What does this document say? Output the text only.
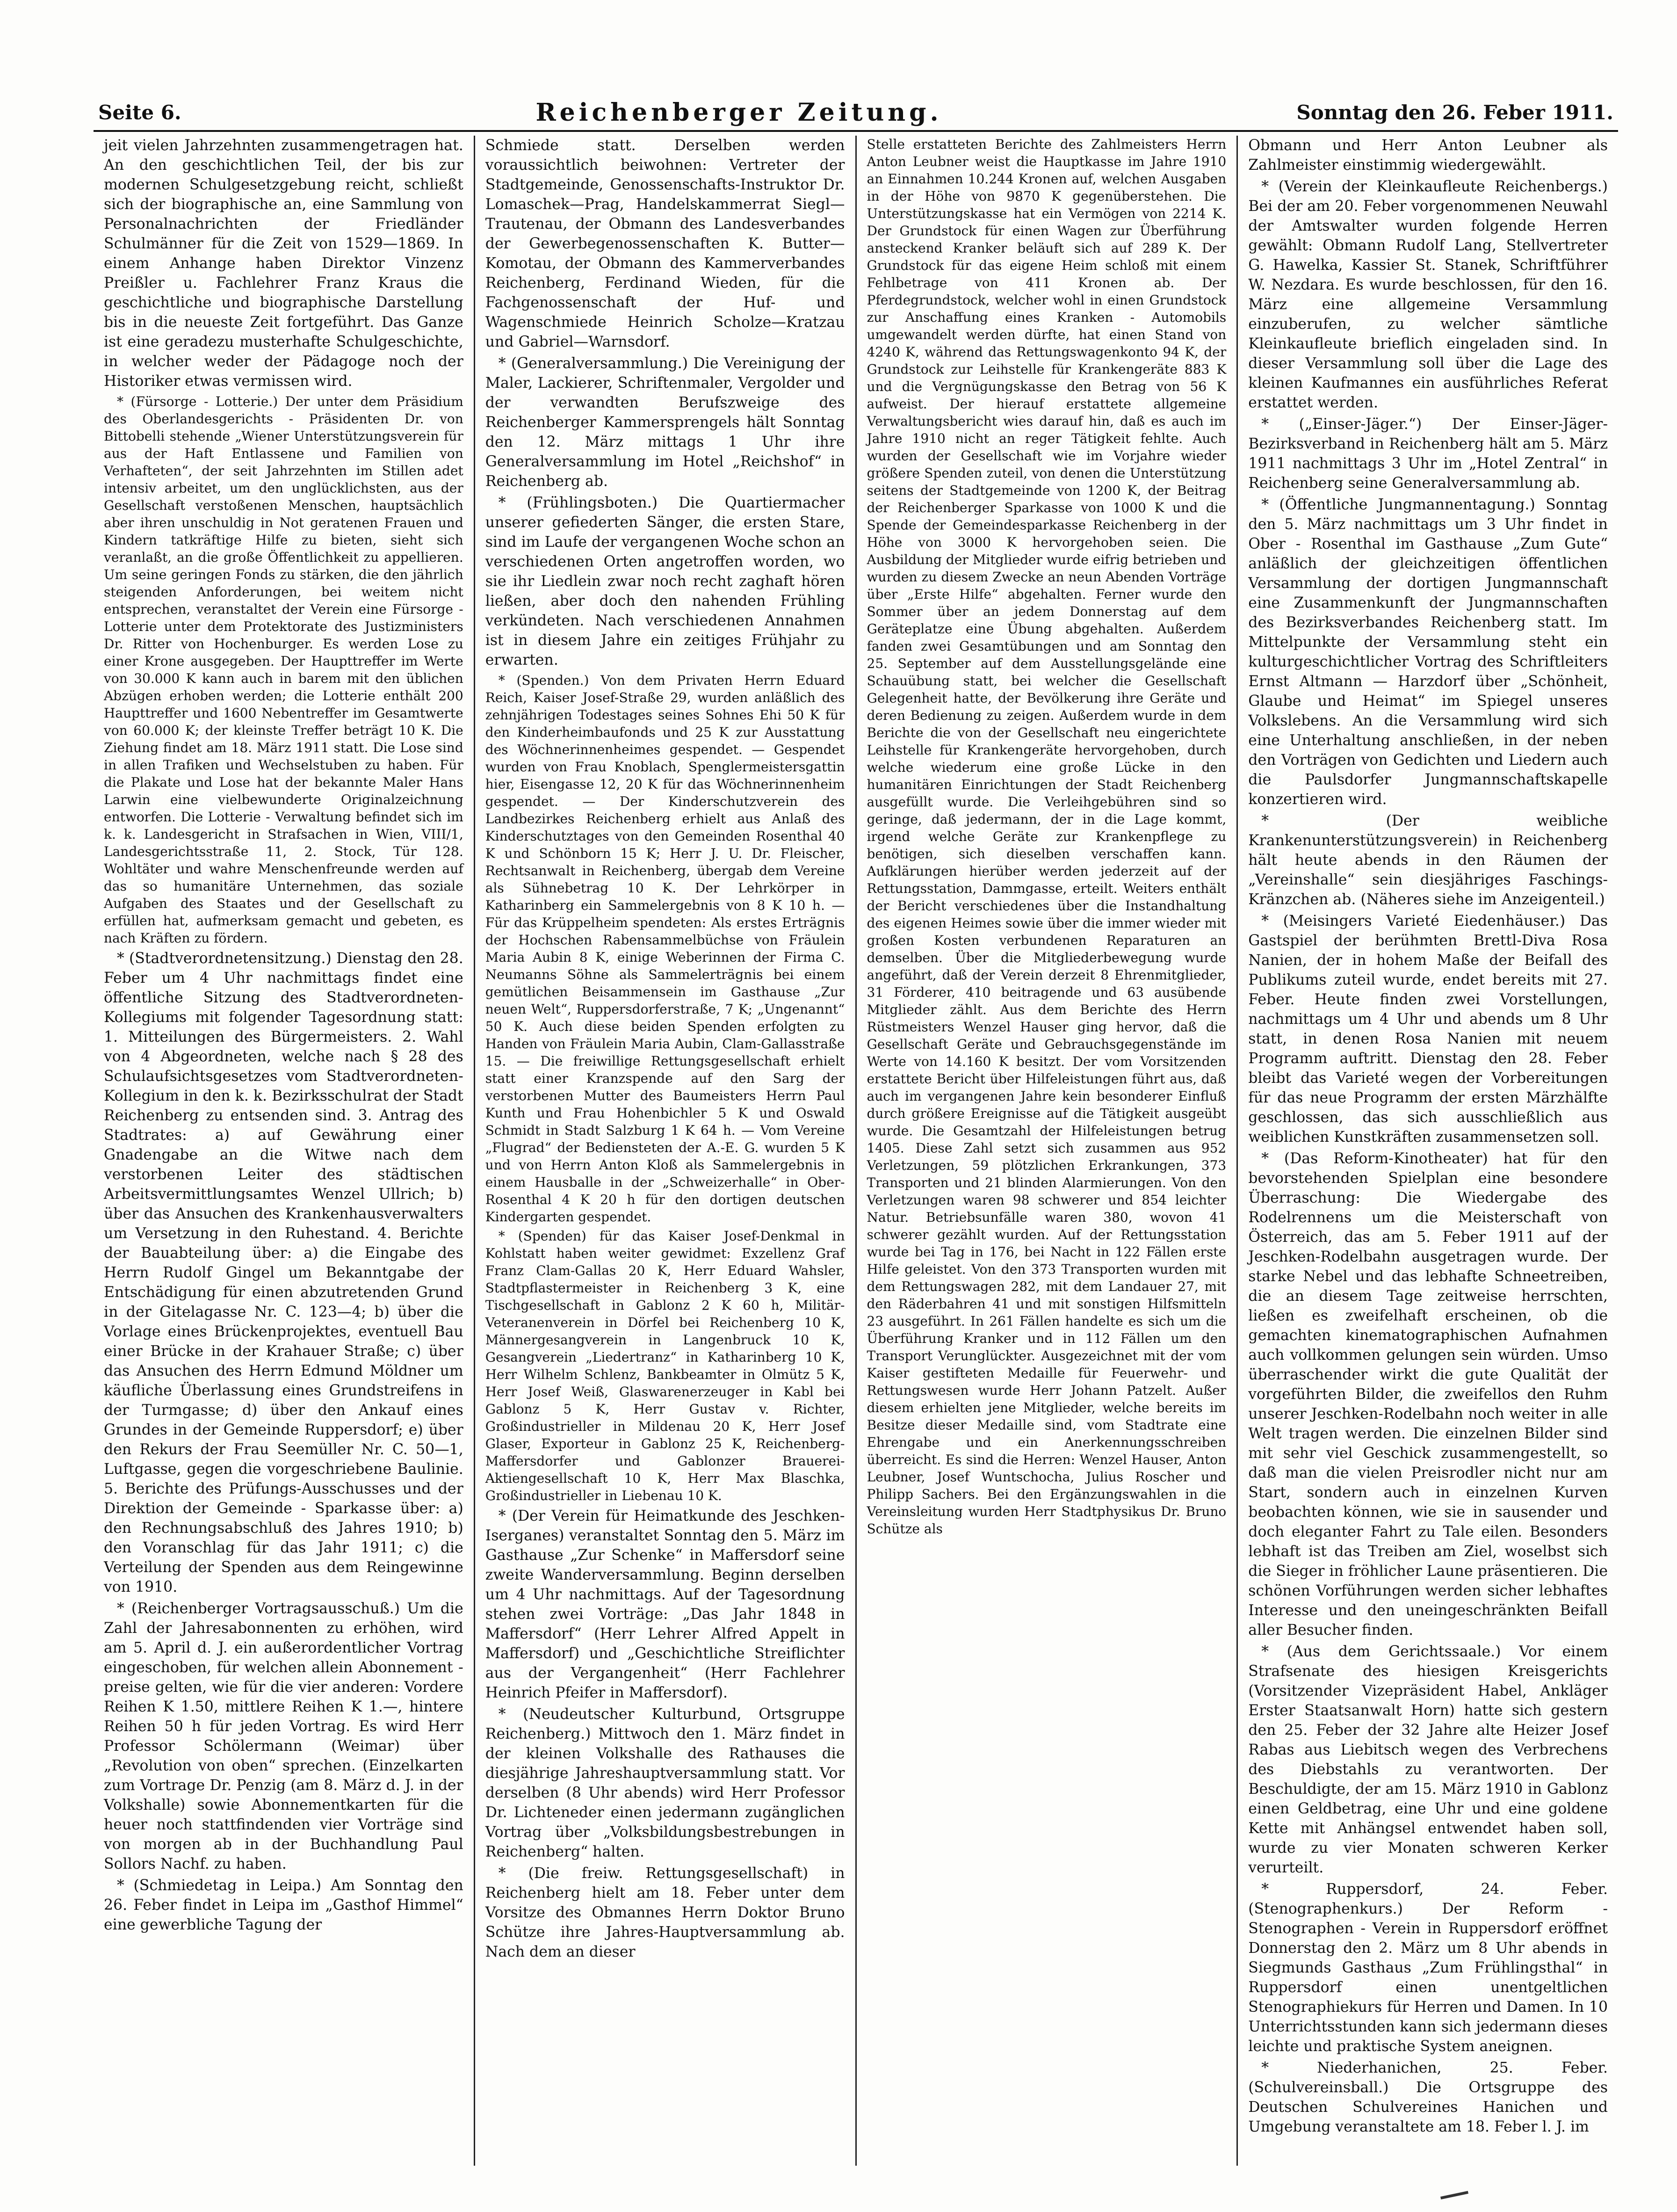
Seite 6.	Reichenberger Zeitung.	Sonntag den 26. Feber 1911.

jeit vielen Jahrzehnten zusammengetragen hat. An den geschichtlichen Teil, der bis zur modernen Schulgesetzgebung reicht, schließt sich der biographische an, eine Sammlung von Personalnachrichten der Friedländer Schulmänner für die Zeit von 1529—1869. In einem Anhange haben Direktor Vinzenz Preißler u. Fachlehrer Franz Kraus die geschichtliche und biographische Darstellung bis in die neueste Zeit fortgeführt. Das Ganze ist eine geradezu musterhafte Schulgeschichte, in welcher weder der Pädagoge noch der Historiker etwas vermissen wird.

* (Fürsorge - Lotterie.) Der unter dem Präsidium des Oberlandesgerichts - Präsidenten Dr. von Bittobelli stehende „Wiener Unterstützungsverein für aus der Haft Entlassene und Familien von Verhafteten“, der seit Jahrzehnten im Stillen adet intensiv arbeitet, um den unglücklichsten, aus der Gesellschaft verstoßenen Menschen, hauptsächlich aber ihren unschuldig in Not geratenen Frauen und Kindern tatkräftige Hilfe zu bieten, sieht sich veranlaßt, an die große Öffentlichkeit zu appellieren. Um seine geringen Fonds zu stärken, die den jährlich steigenden Anforderungen, bei weitem nicht entsprechen, veranstaltet der Verein eine Fürsorge - Lotterie unter dem Protektorate des Justizministers Dr. Ritter von Hochenburger. Es werden Lose zu einer Krone ausgegeben. Der Haupttreffer im Werte von 30.000 K kann auch in barem mit den üblichen Abzügen erhoben werden; die Lotterie enthält 200 Haupttreffer und 1600 Nebentreffer im Gesamtwerte von 60.000 K; der kleinste Treffer beträgt 10 K. Die Ziehung findet am 18. März 1911 statt. Die Lose sind in allen Trafiken und Wechselstuben zu haben. Für die Plakate und Lose hat der bekannte Maler Hans Larwin eine vielbewunderte Originalzeichnung entworfen. Die Lotterie - Verwaltung befindet sich im k. k. Landesgericht in Strafsachen in Wien, VIII/1, Landesgerichtsstraße 11, 2. Stock, Tür 128. Wohltäter und wahre Menschenfreunde werden auf das so humanitäre Unternehmen, das soziale Aufgaben des Staates und der Gesellschaft zu erfüllen hat, aufmerksam gemacht und gebeten, es nach Kräften zu fördern.

* (Stadtverordnetensitzung.) Dienstag den 28. Feber um 4 Uhr nachmittags findet eine öffentliche Sitzung des Stadtverordneten-Kollegiums mit folgender Tagesordnung statt: 1. Mitteilungen des Bürgermeisters. 2. Wahl von 4 Abgeordneten, welche nach § 28 des Schulaufsichtsgesetzes vom Stadtverordneten-Kollegium in den k. k. Bezirksschulrat der Stadt Reichenberg zu entsenden sind. 3. Antrag des Stadtrates: a) auf Gewährung einer Gnadengabe an die Witwe nach dem verstorbenen Leiter des städtischen Arbeitsvermittlungsamtes Wenzel Ullrich; b) über das Ansuchen des Krankenhausverwalters um Versetzung in den Ruhestand. 4. Berichte der Bauabteilung über: a) die Eingabe des Herrn Rudolf Gingel um Bekanntgabe der Entschädigung für einen abzutretenden Grund in der Gitelagasse Nr. C. 123—4; b) über die Vorlage eines Brückenprojektes, eventuell Bau einer Brücke in der Krahauer Straße; c) über das Ansuchen des Herrn Edmund Möldner um käufliche Überlassung eines Grundstreifens in der Turmgasse; d) über den Ankauf eines Grundes in der Gemeinde Ruppersdorf; e) über den Rekurs der Frau Seemüller Nr. C. 50—1, Luftgasse, gegen die vorgeschriebene Baulinie. 5. Berichte des Prüfungs-Ausschusses und der Direktion der Gemeinde - Sparkasse über: a) den Rechnungsabschluß des Jahres 1910; b) den Voranschlag für das Jahr 1911; c) die Verteilung der Spenden aus dem Reingewinne von 1910.

* (Reichenberger Vortragsausschuß.) Um die Zahl der Jahresabonnenten zu erhöhen, wird am 5. April d. J. ein außerordentlicher Vortrag eingeschoben, für welchen allein Abonnement - preise gelten, wie für die vier anderen: Vordere Reihen K 1.50, mittlere Reihen K 1.—, hintere Reihen 50 h für jeden Vortrag. Es wird Herr Professor Schölermann (Weimar) über „Revolution von oben“ sprechen. (Einzelkarten zum Vortrage Dr. Penzig (am 8. März d. J. in der Volkshalle) sowie Abonnementkarten für die heuer noch stattfindenden vier Vorträge sind von morgen ab in der Buchhandlung Paul Sollors Nachf. zu haben.

* (Schmiedetag in Leipa.) Am Sonntag den 26. Feber findet in Leipa im „Gasthof Himmel“ eine gewerbliche Tagung der

Schmiede statt. Derselben werden voraussichtlich beiwohnen: Vertreter der Stadtgemeinde, Genossenschafts-Instruktor Dr. Lomaschek—Prag, Handelskammerrat Siegl—Trautenau, der Obmann des Landesverbandes der Gewerbegenossenschaften K. Butter—Komotau, der Obmann des Kammerverbandes Reichenberg, Ferdinand Wieden, für die Fachgenossenschaft der Huf- und Wagenschmiede Heinrich Scholze—Kratzau und Gabriel—Warnsdorf.

* (Generalversammlung.) Die Vereinigung der Maler, Lackierer, Schriftenmaler, Vergolder und der verwandten Berufszweige des Reichenberger Kammersprengels hält Sonntag den 12. März mittags 1 Uhr ihre Generalversammlung im Hotel „Reichshof“ in Reichenberg ab.

* (Frühlingsboten.) Die Quartiermacher unserer gefiederten Sänger, die ersten Stare, sind im Laufe der vergangenen Woche schon an verschiedenen Orten angetroffen worden, wo sie ihr Liedlein zwar noch recht zaghaft hören ließen, aber doch den nahenden Frühling verkündeten. Nach verschiedenen Annahmen ist in diesem Jahre ein zeitiges Frühjahr zu erwarten.

* (Spenden.) Von dem Privaten Herrn Eduard Reich, Kaiser Josef-Straße 29, wurden anläßlich des zehnjährigen Todestages seines Sohnes Ehi 50 K für den Kinderheimbaufonds und 25 K zur Ausstattung des Wöchnerinnenheimes gespendet. — Gespendet wurden von Frau Knoblach, Spenglermeistersgattin hier, Eisengasse 12, 20 K für das Wöchnerinnenheim gespendet. — Der Kinderschutzverein des Landbezirkes Reichenberg erhielt aus Anlaß des Kinderschutztages von den Gemeinden Rosenthal 40 K und Schönborn 15 K; Herr J. U. Dr. Fleischer, Rechtsanwalt in Reichenberg, übergab dem Vereine als Sühnebetrag 10 K. Der Lehrkörper in Katharinberg ein Sammelergebnis von 8 K 10 h. — Für das Krüppelheim spendeten: Als erstes Erträgnis der Hochschen Rabensammelbüchse von Fräulein Maria Aubin 8 K, einige Weberinnen der Firma C. Neumanns Söhne als Sammelerträgnis bei einem gemütlichen Beisammensein im Gasthause „Zur neuen Welt“, Ruppersdorferstraße, 7 K; „Ungenannt“ 50 K. Auch diese beiden Spenden erfolgten zu Handen von Fräulein Maria Aubin, Clam-Gallasstraße 15. — Die freiwillige Rettungsgesellschaft erhielt statt einer Kranzspende auf den Sarg der verstorbenen Mutter des Baumeisters Herrn Paul Kunth und Frau Hohenbichler 5 K und Oswald Schmidt in Stadt Salzburg 1 K 64 h. — Vom Vereine „Flugrad“ der Bediensteten der A.-E. G. wurden 5 K und von Herrn Anton Kloß als Sammelergebnis in einem Hausballe in der „Schweizerhalle“ in Ober-Rosenthal 4 K 20 h für den dortigen deutschen Kindergarten gespendet.

* (Spenden) für das Kaiser Josef-Denkmal in Kohlstatt haben weiter gewidmet: Exzellenz Graf Franz Clam-Gallas 20 K, Herr Eduard Wahsler, Stadtpflastermeister in Reichenberg 3 K, eine Tischgesellschaft in Gablonz 2 K 60 h, Militär-Veteranenverein in Dörfel bei Reichenberg 10 K, Männergesangverein in Langenbruck 10 K, Gesangverein „Liedertranz“ in Katharinberg 10 K, Herr Wilhelm Schlenz, Bankbeamter in Olmütz 5 K, Herr Josef Weiß, Glaswarenerzeuger in Kabl bei Gablonz 5 K, Herr Gustav v. Richter, Großindustrieller in Mildenau 20 K, Herr Josef Glaser, Exporteur in Gablonz 25 K, Reichenberg-Maffersdorfer und Gablonzer Brauerei-Aktiengesellschaft 10 K, Herr Max Blaschka, Großindustrieller in Liebenau 10 K.

* (Der Verein für Heimatkunde des Jeschken-Iserganes) veranstaltet Sonntag den 5. März im Gasthause „Zur Schenke“ in Maffersdorf seine zweite Wanderversammlung. Beginn derselben um 4 Uhr nachmittags. Auf der Tagesordnung stehen zwei Vorträge: „Das Jahr 1848 in Maffersdorf“ (Herr Lehrer Alfred Appelt in Maffersdorf) und „Geschichtliche Streiflichter aus der Vergangenheit“ (Herr Fachlehrer Heinrich Pfeifer in Maffersdorf).

* (Neudeutscher Kulturbund, Ortsgruppe Reichenberg.) Mittwoch den 1. März findet in der kleinen Volkshalle des Rathauses die diesjährige Jahreshauptversammlung statt. Vor derselben (8 Uhr abends) wird Herr Professor Dr. Lichteneder einen jedermann zugänglichen Vortrag über „Volksbildungsbestrebungen in Reichenberg“ halten.

* (Die freiw. Rettungsgesellschaft) in Reichenberg hielt am 18. Feber unter dem Vorsitze des Obmannes Herrn Doktor Bruno Schütze ihre Jahres-Hauptversammlung ab. Nach dem an dieser

Stelle erstatteten Berichte des Zahlmeisters Herrn Anton Leubner weist die Hauptkasse im Jahre 1910 an Einnahmen 10.244 Kronen auf, welchen Ausgaben in der Höhe von 9870 K gegenüberstehen. Die Unterstützungskasse hat ein Vermögen von 2214 K. Der Grundstock für einen Wagen zur Überführung ansteckend Kranker beläuft sich auf 289 K. Der Grundstock für das eigene Heim schloß mit einem Fehlbetrage von 411 Kronen ab. Der Pferdegrundstock, welcher wohl in einen Grundstock zur Anschaffung eines Kranken - Automobils umgewandelt werden dürfte, hat einen Stand von 4240 K, während das Rettungswagenkonto 94 K, der Grundstock zur Leihstelle für Krankengeräte 883 K und die Vergnügungskasse den Betrag von 56 K aufweist. Der hierauf erstattete allgemeine Verwaltungsbericht wies darauf hin, daß es auch im Jahre 1910 nicht an reger Tätigkeit fehlte. Auch wurden der Gesellschaft wie im Vorjahre wieder größere Spenden zuteil, von denen die Unterstützung seitens der Stadtgemeinde von 1200 K, der Beitrag der Reichenberger Sparkasse von 1000 K und die Spende der Gemeindesparkasse Reichenberg in der Höhe von 3000 K hervorgehoben seien. Die Ausbildung der Mitglieder wurde eifrig betrieben und wurden zu diesem Zwecke an neun Abenden Vorträge über „Erste Hilfe“ abgehalten. Ferner wurde den Sommer über an jedem Donnerstag auf dem Geräteplatze eine Übung abgehalten. Außerdem fanden zwei Gesamtübungen und am Sonntag den 25. September auf dem Ausstellungsgelände eine Schauübung statt, bei welcher die Gesellschaft Gelegenheit hatte, der Bevölkerung ihre Geräte und deren Bedienung zu zeigen. Außerdem wurde in dem Berichte die von der Gesellschaft neu eingerichtete Leihstelle für Krankengeräte hervorgehoben, durch welche wiederum eine große Lücke in den humanitären Einrichtungen der Stadt Reichenberg ausgefüllt wurde. Die Verleihgebühren sind so geringe, daß jedermann, der in die Lage kommt, irgend welche Geräte zur Krankenpflege zu benötigen, sich dieselben verschaffen kann. Aufklärungen hierüber werden jederzeit auf der Rettungsstation, Dammgasse, erteilt. Weiters enthält der Bericht verschiedenes über die Instandhaltung des eigenen Heimes sowie über die immer wieder mit großen Kosten verbundenen Reparaturen an demselben. Über die Mitgliederbewegung wurde angeführt, daß der Verein derzeit 8 Ehrenmitglieder, 31 Förderer, 410 beitragende und 63 ausübende Mitglieder zählt. Aus dem Berichte des Herrn Rüstmeisters Wenzel Hauser ging hervor, daß die Gesellschaft Geräte und Gebrauchsgegenstände im Werte von 14.160 K besitzt. Der vom Vorsitzenden erstattete Bericht über Hilfeleistungen führt aus, daß auch im vergangenen Jahre kein besonderer Einfluß durch größere Ereignisse auf die Tätigkeit ausgeübt wurde. Die Gesamtzahl der Hilfeleistungen betrug 1405. Diese Zahl setzt sich zusammen aus 952 Verletzungen, 59 plötzlichen Erkrankungen, 373 Transporten und 21 blinden Alarmierungen. Von den Verletzungen waren 98 schwerer und 854 leichter Natur. Betriebsunfälle waren 380, wovon 41 schwerer gezählt wurden. Auf der Rettungsstation wurde bei Tag in 176, bei Nacht in 122 Fällen erste Hilfe geleistet. Von den 373 Transporten wurden mit dem Rettungswagen 282, mit dem Landauer 27, mit den Räderbahren 41 und mit sonstigen Hilfsmitteln 23 ausgeführt. In 261 Fällen handelte es sich um die Überführung Kranker und in 112 Fällen um den Transport Verunglückter. Ausgezeichnet mit der vom Kaiser gestifteten Medaille für Feuerwehr- und Rettungswesen wurde Herr Johann Patzelt. Außer diesem erhielten jene Mitglieder, welche bereits im Besitze dieser Medaille sind, vom Stadtrate eine Ehrengabe und ein Anerkennungsschreiben überreicht. Es sind die Herren: Wenzel Hauser, Anton Leubner, Josef Wuntschocha, Julius Roscher und Philipp Sachers. Bei den Ergänzungswahlen in die Vereinsleitung wurden Herr Stadtphysikus Dr. Bruno Schütze als

Obmann und Herr Anton Leubner als Zahlmeister einstimmig wiedergewählt.

* (Verein der Kleinkaufleute Reichenbergs.) Bei der am 20. Feber vorgenommenen Neuwahl der Amtswalter wurden folgende Herren gewählt: Obmann Rudolf Lang, Stellvertreter G. Hawelka, Kassier St. Stanek, Schriftführer W. Nezdara. Es wurde beschlossen, für den 16. März eine allgemeine Versammlung einzuberufen, zu welcher sämtliche Kleinkaufleute brieflich eingeladen sind. In dieser Versammlung soll über die Lage des kleinen Kaufmannes ein ausführliches Referat erstattet werden.

* („Einser-Jäger.“) Der Einser-Jäger-Bezirksverband in Reichenberg hält am 5. März 1911 nachmittags 3 Uhr im „Hotel Zentral“ in Reichenberg seine Generalversammlung ab.

* (Öffentliche Jungmannentagung.) Sonntag den 5. März nachmittags um 3 Uhr findet in Ober - Rosenthal im Gasthause „Zum Gute“ anläßlich der gleichzeitigen öffentlichen Versammlung der dortigen Jungmannschaft eine Zusammenkunft der Jungmannschaften des Bezirksverbandes Reichenberg statt. Im Mittelpunkte der Versammlung steht ein kulturgeschichtlicher Vortrag des Schriftleiters Ernst Altmann — Harzdorf über „Schönheit, Glaube und Heimat“ im Spiegel unseres Volkslebens. An die Versammlung wird sich eine Unterhaltung anschließen, in der neben den Vorträgen von Gedichten und Liedern auch die Paulsdorfer Jungmannschaftskapelle konzertieren wird.

* (Der weibliche Krankenunterstützungsverein) in Reichenberg hält heute abends in den Räumen der „Vereinshalle“ sein diesjähriges Faschings-Kränzchen ab. (Näheres siehe im Anzeigenteil.)

* (Meisingers Varieté Eiedenhäuser.) Das Gastspiel der berühmten Brettl-Diva Rosa Nanien, der in hohem Maße der Beifall des Publikums zuteil wurde, endet bereits mit 27. Feber. Heute finden zwei Vorstellungen, nachmittags um 4 Uhr und abends um 8 Uhr statt, in denen Rosa Nanien mit neuem Programm auftritt. Dienstag den 28. Feber bleibt das Varieté wegen der Vorbereitungen für das neue Programm der ersten Märzhälfte geschlossen, das sich ausschließlich aus weiblichen Kunstkräften zusammensetzen soll.

* (Das Reform-Kinotheater) hat für den bevorstehenden Spielplan eine besondere Überraschung: Die Wiedergabe des Rodelrennens um die Meisterschaft von Österreich, das am 5. Feber 1911 auf der Jeschken-Rodelbahn ausgetragen wurde. Der starke Nebel und das lebhafte Schneetreiben, die an diesem Tage zeitweise herrschten, ließen es zweifelhaft erscheinen, ob die gemachten kinematographischen Aufnahmen auch vollkommen gelungen sein würden. Umso überraschender wirkt die gute Qualität der vorgeführten Bilder, die zweifellos den Ruhm unserer Jeschken-Rodelbahn noch weiter in alle Welt tragen werden. Die einzelnen Bilder sind mit sehr viel Geschick zusammengestellt, so daß man die vielen Preisrodler nicht nur am Start, sondern auch in einzelnen Kurven beobachten können, wie sie in sausender und doch eleganter Fahrt zu Tale eilen. Besonders lebhaft ist das Treiben am Ziel, woselbst sich die Sieger in fröhlicher Laune präsentieren. Die schönen Vorführungen werden sicher lebhaftes Interesse und den uneingeschränkten Beifall aller Besucher finden.

* (Aus dem Gerichtssaale.) Vor einem Strafsenate des hiesigen Kreisgerichts (Vorsitzender Vizepräsident Habel, Ankläger Erster Staatsanwalt Horn) hatte sich gestern den 25. Feber der 32 Jahre alte Heizer Josef Rabas aus Liebitsch wegen des Verbrechens des Diebstahls zu verantworten. Der Beschuldigte, der am 15. März 1910 in Gablonz einen Geldbetrag, eine Uhr und eine goldene Kette mit Anhängsel entwendet haben soll, wurde zu vier Monaten schweren Kerker verurteilt.

* Ruppersdorf, 24. Feber. (Stenographenkurs.) Der Reform - Stenographen - Verein in Ruppersdorf eröffnet Donnerstag den 2. März um 8 Uhr abends in Siegmunds Gasthaus „Zum Frühlingsthal“ in Ruppersdorf einen unentgeltlichen Stenographiekurs für Herren und Damen. In 10 Unterrichtsstunden kann sich jedermann dieses leichte und praktische System aneignen.

* Niederhanichen, 25. Feber. (Schulvereinsball.) Die Ortsgruppe des Deutschen Schulvereines Hanichen und Umgebung veranstaltete am 18. Feber l. J. im
